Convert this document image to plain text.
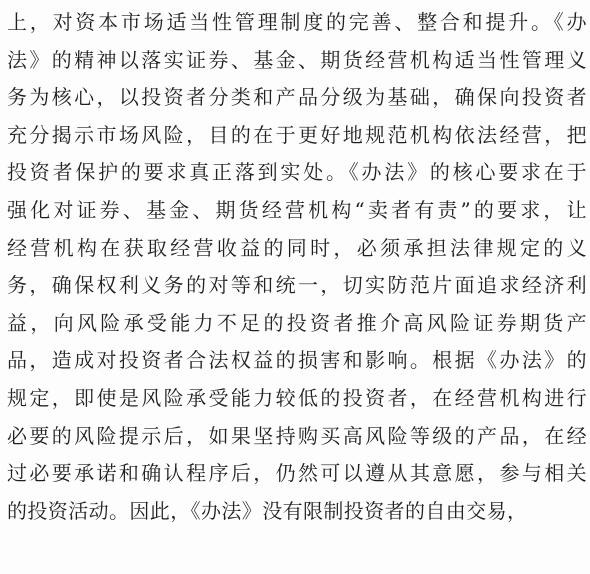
上，对资本市场适当性管理制度的完善、整合和提升。《办
法》的精神以落实证券、基金、期货经营机构适当性管理义
务为核心，以投资者分类和产品分级为基础，确保向投资者
充分揭示市场风险，目的在于更好地规范机构依法经营，把
投资者保护的要求真正落到实处。《办法》的核心要求在于
强化对证券、基金、期货经营机构“卖者有责”的要求，让
经营机构在获取经营收益的同时，必须承担法律规定的义
务，确保权利义务的对等和统一，切实防范片面追求经济利
益，向风险承受能力不足的投资者推介高风险证券期货产
品，造成对投资者合法权益的损害和影响。根据《办法》的
规定，即使是风险承受能力较低的投资者，在经营机构进行
必要的风险提示后，如果坚持购买高风险等级的产品，在经
过必要承诺和确认程序后，仍然可以遵从其意愿，参与相关
的投资活动。因此，《办法》没有限制投资者的自由交易，
